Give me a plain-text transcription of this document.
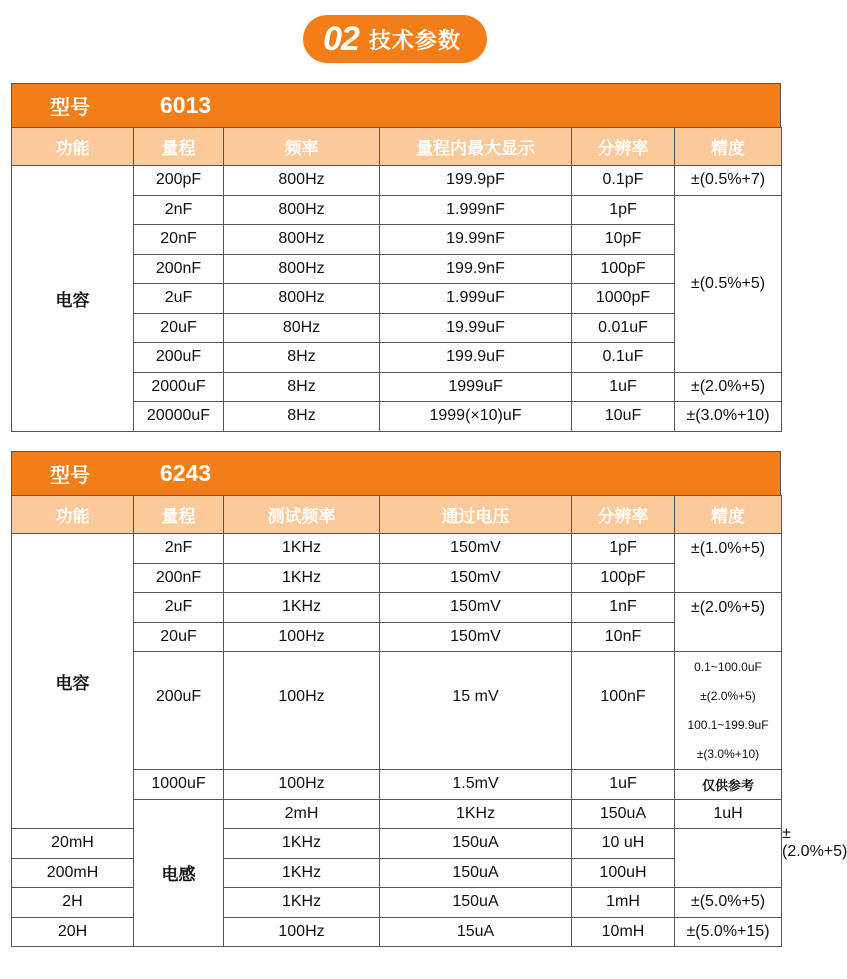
02 技术参数
型号	6013
功能	量程	频率	量程内最大显示	分辨率	精度
电容	200pF	800Hz	199.9pF	0.1pF	±(0.5%+7)
	2nF	800Hz	1.999nF	1pF	±(0.5%+5)
	20nF	800Hz	19.99nF	10pF	
	200nF	800Hz	199.9nF	100pF	
	2uF	800Hz	1.999uF	1000pF	
	20uF	80Hz	19.99uF	0.01uF	
	200uF	8Hz	199.9uF	0.1uF	
	2000uF	8Hz	1999uF	1uF	±(2.0%+5)
	20000uF	8Hz	1999(×10)uF	10uF	±(3.0%+10)
型号	6243
功能	量程	测试频率	通过电压	分辨率	精度	
电容	2nF	1KHz	150mV	1pF	±(1.0%+5)	
	200nF	1KHz	150mV	100pF		
	2uF	1KHz	150mV	1nF	±(2.0%+5)	
	20uF	100Hz	150mV	10nF		
	200uF	100Hz	15 mV	100nF	0.1~100.0uF
±(2.0%+5)
100.1~199.9uF
±(3.0%+10)	

	1000uF	100Hz	1.5mV	1uF	仅供参考	
	电感	2mH	1KHz	150uA	1uH	±(2.0%+5)
20mH		1KHz	150uA	10 uH		
200mH		1KHz	150uA	100uH		
2H		1KHz	150uA	1mH	±(5.0%+5)	
20H		100Hz	15uA	10mH	±(5.0%+15)	
